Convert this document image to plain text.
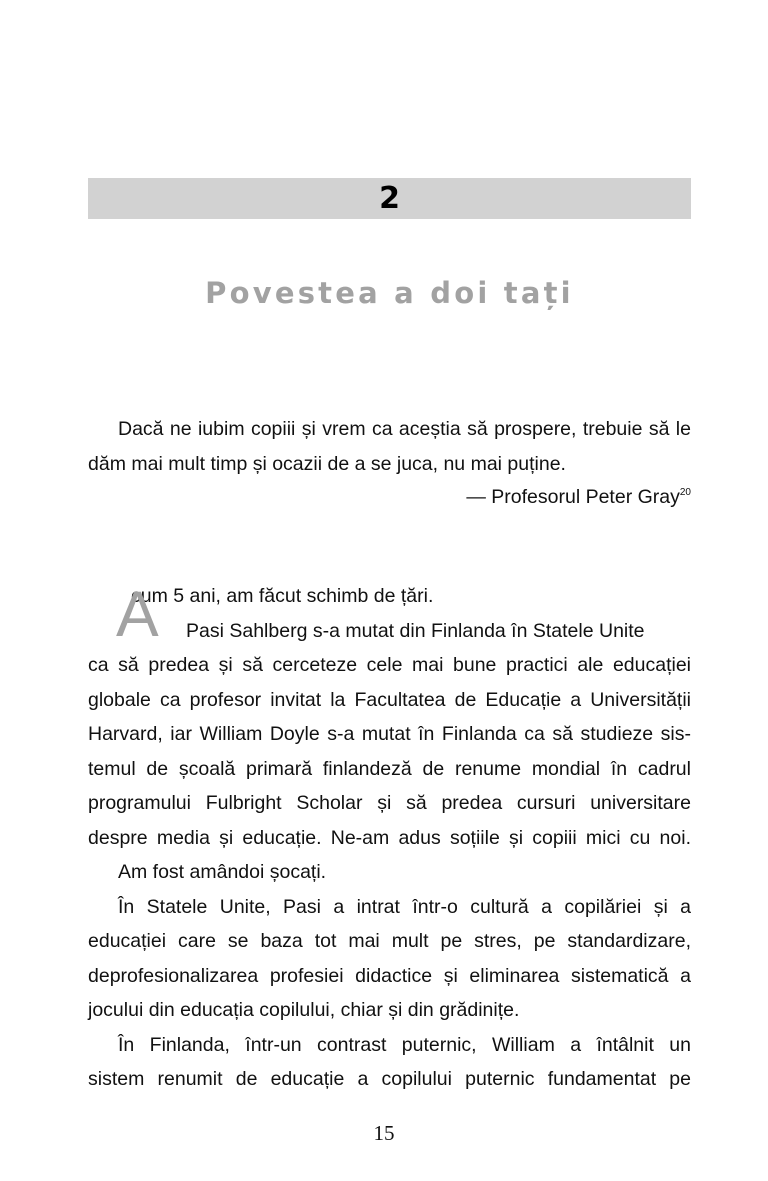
2
Povestea a doi tați

Dacă ne iubim copiii și vrem ca aceștia să prospere, trebuie să le dăm mai mult timp și ocazii de a se juca, nu mai puține.

— Profesorul Peter Gray$^{20}$
A
cum 5 ani, am făcut schimb de țări.
Pasi Sahlberg s-a mutat din Finlanda în Statele Unite
ca să predea și să cerceteze cele mai bune practici ale educației
globale ca profesor invitat la Facultatea de Educație a Universității
Harvard, iar William Doyle s-a mutat în Finlanda ca să studieze sis-
temul de școală primară finlandeză de renume mondial în cadrul
programului Fulbright Scholar și să predea cursuri universitare
despre media și educație. Ne-am adus soțiile și copiii mici cu noi.
Am fost amândoi șocați.
În Statele Unite, Pasi a intrat într-o cultură a copilăriei și a
educației care se baza tot mai mult pe stres, pe standardizare,
deprofesionalizarea profesiei didactice și eliminarea sistematică a
jocului din educația copilului, chiar și din grădinițe.
În Finlanda, într-un contrast puternic, William a întâlnit un
sistem renumit de educație a copilului puternic fundamentat pe
15
